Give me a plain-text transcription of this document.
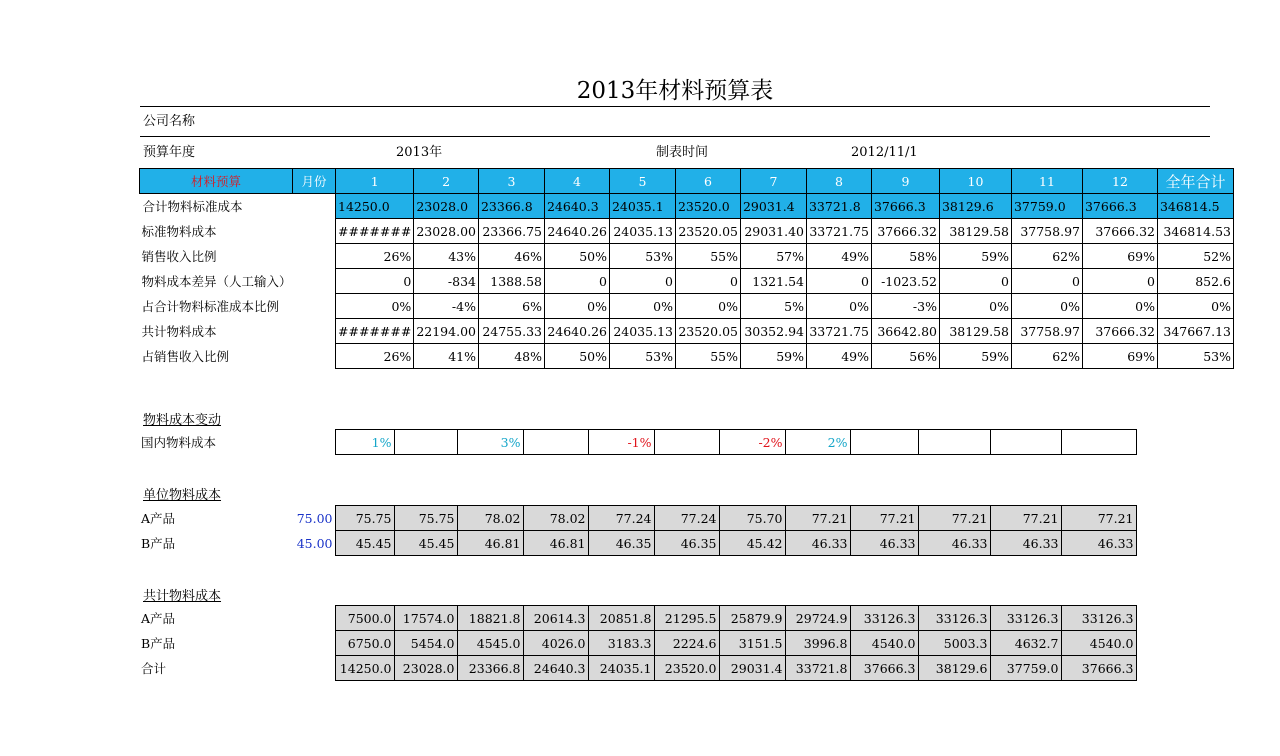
2013年材料预算表
公司名称
预算年度	2013年	制表时间	2012/11/1
材料预算	月份	1	2	3	4	5	6	7	8	9	10	11	12	全年合计
合计物料标准成本		14250.0	23028.0	23366.8	24640.3	24035.1	23520.0	29031.4	33721.8	37666.3	38129.6	37759.0	37666.3	346814.5
标准物料成本		#######	23028.00	23366.75	24640.26	24035.13	23520.05	29031.40	33721.75	37666.32	38129.58	37758.97	37666.32	346814.53
销售收入比例		26%	43%	46%	50%	53%	55%	57%	49%	58%	59%	62%	69%	52%
物料成本差异（人工输入）		0	-834	1388.58	0	0	0	1321.54	0	-1023.52	0	0	0	852.6
占合计物料标准成本比例		0%	-4%	6%	0%	0%	0%	5%	0%	-3%	0%	0%	0%	0%
共计物料成本		#######	22194.00	24755.33	24640.26	24035.13	23520.05	30352.94	33721.75	36642.80	38129.58	37758.97	37666.32	347667.13
占销售收入比例		26%	41%	48%	50%	53%	55%	59%	49%	56%	59%	62%	69%	53%
物料成本变动
单位物料成本
共计物料成本
国内物料成本	1%		3%		-1%		-2%	2%				
A产品	75.00	75.75	75.75	78.02	78.02	77.24	77.24	75.70	77.21	77.21	77.21	77.21	77.21
B产品	45.00	45.45	45.45	46.81	46.81	46.35	46.35	45.42	46.33	46.33	46.33	46.33	46.33
A产品	7500.0	17574.0	18821.8	20614.3	20851.8	21295.5	25879.9	29724.9	33126.3	33126.3	33126.3	33126.3
B产品	6750.0	5454.0	4545.0	4026.0	3183.3	2224.6	3151.5	3996.8	4540.0	5003.3	4632.7	4540.0
合计	14250.0	23028.0	23366.8	24640.3	24035.1	23520.0	29031.4	33721.8	37666.3	38129.6	37759.0	37666.3
